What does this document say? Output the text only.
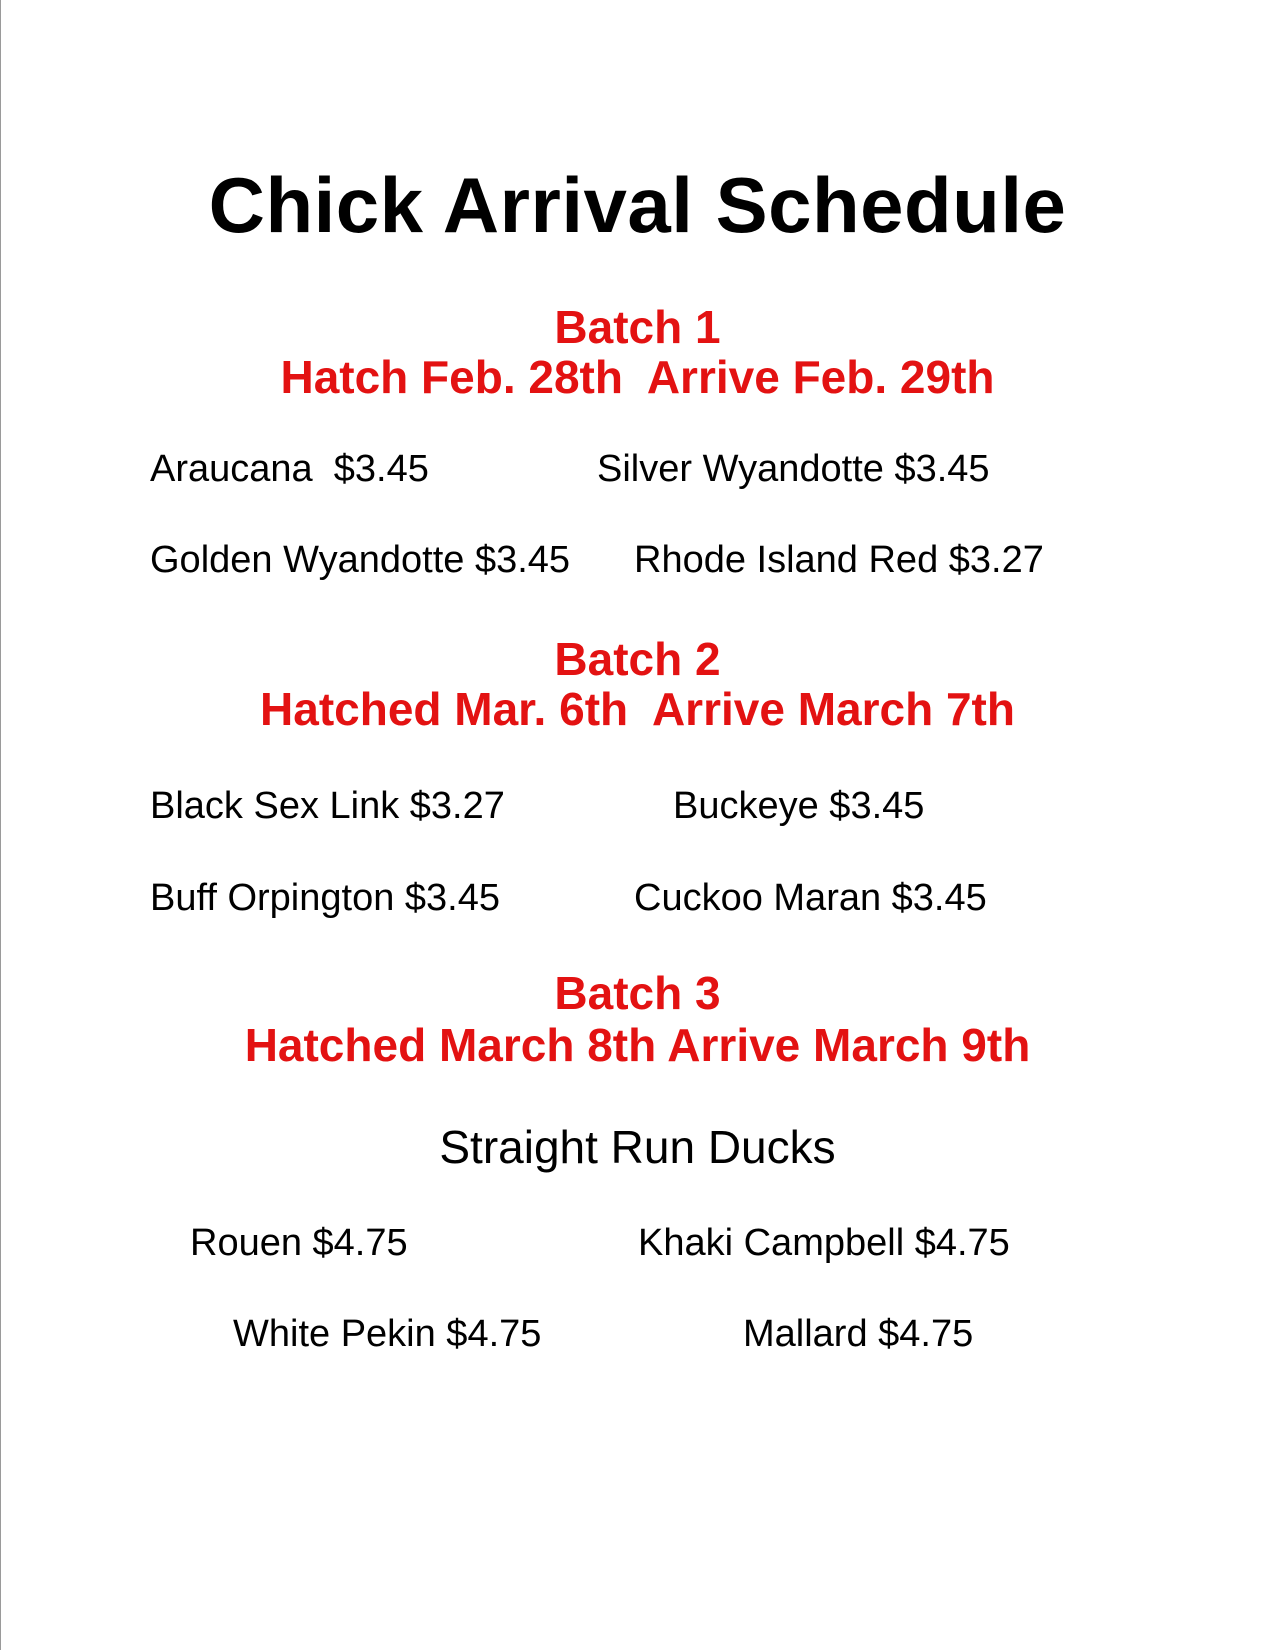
Chick Arrival Schedule
Batch 1
Hatch Feb. 28th  Arrive Feb. 29th
Araucana  $3.45	Silver Wyandotte $3.45
Golden Wyandotte $3.45 Rhode Island Red $3.27
Batch 2
Hatched Mar. 6th  Arrive March 7th
Black Sex Link $3.27	Buckeye $3.45
Buff Orpington $3.45	Cuckoo Maran $3.45
Batch 3
Hatched March 8th Arrive March 9th
Straight Run Ducks
Rouen $4.75	Khaki Campbell $4.75
White Pekin $4.75	Mallard $4.75
